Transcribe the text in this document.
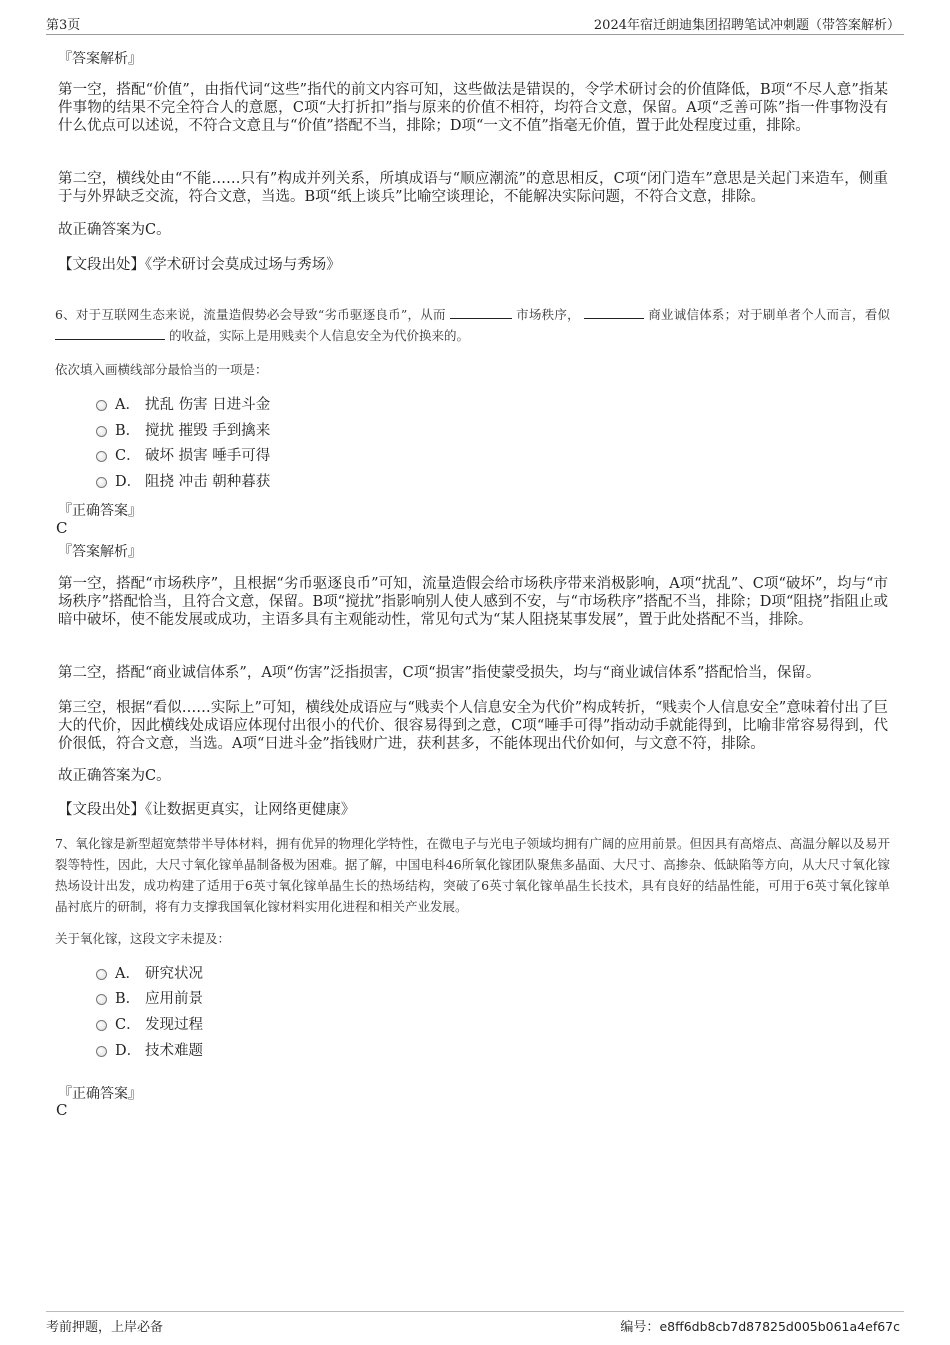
第3页	2024年宿迁朗迪集团招聘笔试冲刺题（带答案解析）
『答案解析』
第一空，搭配“价值”，由指代词“这些”指代的前文内容可知，这些做法是错误的，令学术研讨会的价值降低，B项“不尽人意”指某件事物的结果不完全符合人的意愿，C项“大打折扣”指与原来的价值不相符，均符合文意，保留。A项“乏善可陈”指一件事物没有什么优点可以述说，不符合文意且与“价值”搭配不当，排除；D项“一文不值”指毫无价值，置于此处程度过重，排除。
第二空，横线处由“不能……只有”构成并列关系，所填成语与“顺应潮流”的意思相反，C项“闭门造车”意思是关起门来造车，侧重于与外界缺乏交流，符合文意，当选。B项“纸上谈兵”比喻空谈理论，不能解决实际问题，不符合文意，排除。
故正确答案为C。
【文段出处】《学术研讨会莫成过场与秀场》
6、对于互联网生态来说，流量造假势必会导致“劣币驱逐良币”，从而	市场秩序，	商业诚信体系；对于刷单者个人而言，看似  的收益，实际上是用贱卖个人信息安全为代价换来的。
依次填入画横线部分最恰当的一项是：
A． 扰乱 伤害 日进斗金
B． 搅扰 摧毁 手到擒来
C． 破坏 损害 唾手可得
D． 阻挠 冲击 朝种暮获
『正确答案』
C
『答案解析』
第一空，搭配“市场秩序”，且根据“劣币驱逐良币”可知，流量造假会给市场秩序带来消极影响，A项“扰乱”、C项“破坏”，均与“市场秩序”搭配恰当，且符合文意，保留。B项“搅扰”指影响别人使人感到不安，与“市场秩序”搭配不当，排除；D项“阻挠”指阻止或暗中破坏，使不能发展或成功，主语多具有主观能动性，常见句式为“某人阻挠某事发展”，置于此处搭配不当，排除。
第二空，搭配“商业诚信体系”，A项“伤害”泛指损害，C项“损害”指使蒙受损失，均与“商业诚信体系”搭配恰当，保留。
第三空，根据“看似……实际上”可知，横线处成语应与“贱卖个人信息安全为代价”构成转折，“贱卖个人信息安全”意味着付出了巨大的代价，因此横线处成语应体现付出很小的代价、很容易得到之意，C项“唾手可得”指动动手就能得到，比喻非常容易得到，代价很低，符合文意，当选。A项“日进斗金”指钱财广进，获利甚多，不能体现出代价如何，与文意不符，排除。
故正确答案为C。
【文段出处】《让数据更真实，让网络更健康》
7、氧化镓是新型超宽禁带半导体材料，拥有优异的物理化学特性，在微电子与光电子领域均拥有广阔的应用前景。但因具有高熔点、高温分解以及易开裂等特性，因此，大尺寸氧化镓单晶制备极为困难。据了解，中国电科46所氧化镓团队聚焦多晶面、大尺寸、高掺杂、低缺陷等方向，从大尺寸氧化镓热场设计出发，成功构建了适用于6英寸氧化镓单晶生长的热场结构，突破了6英寸氧化镓单晶生长技术，具有良好的结晶性能，可用于6英寸氧化镓单晶衬底片的研制，将有力支撑我国氧化镓材料实用化进程和相关产业发展。
关于氧化镓，这段文字未提及：
A． 研究状况
B． 应用前景
C． 发现过程
D． 技术难题
『正确答案』
C
考前押题，上岸必备	编号：e8ff6db8cb7d87825d005b061a4ef67c
